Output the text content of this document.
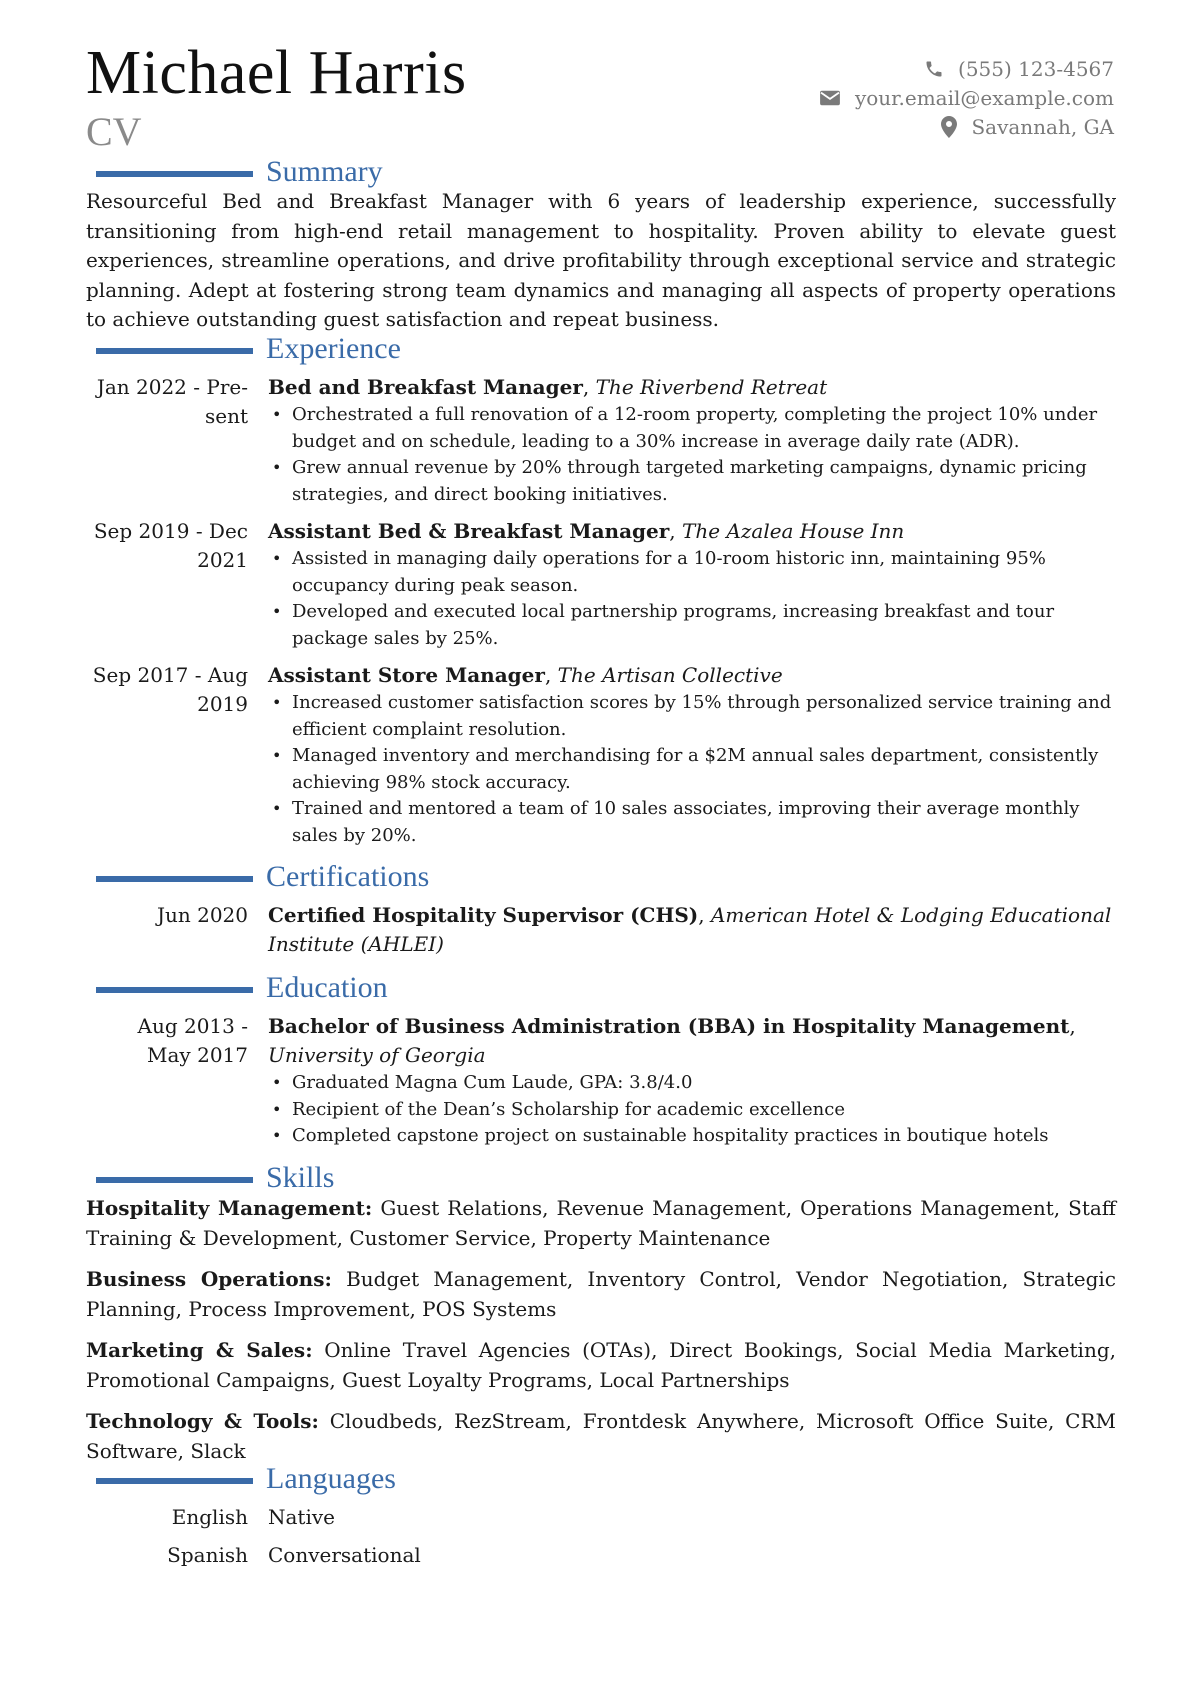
Michael Harris
CV
(555) 123-4567
your.email@example.com
Savannah, GA
Summary
Resourceful Bed and Breakfast Manager with 6 years of leadership experience, successfully transitioning from high-end retail management to hospitality. Proven ability to elevate guest experiences, streamline operations, and drive profitability through exceptional service and strategic planning. Adept at fostering strong team dynamics and managing all aspects of property operations to achieve outstanding guest satisfaction and repeat business.
Experience
Jan 2022 - Pre-
sent
Bed and Breakfast Manager, The Riverbend Retreat
• Orchestrated a full renovation of a 12-room property, completing the project 10% under budget and on schedule, leading to a 30% increase in average daily rate (ADR).
• Grew annual revenue by 20% through targeted marketing campaigns, dynamic pricing strategies, and direct booking initiatives.
Sep 2019 - Dec
2021
Assistant Bed & Breakfast Manager, The Azalea House Inn
• Assisted in managing daily operations for a 10-room historic inn, maintaining 95% occupancy during peak season.
• Developed and executed local partnership programs, increasing breakfast and tour package sales by 25%.
Sep 2017 - Aug
2019
Assistant Store Manager, The Artisan Collective
• Increased customer satisfaction scores by 15% through personalized service training and efficient complaint resolution.
• Managed inventory and merchandising for a $2M annual sales department, consistently achieving 98% stock accuracy.
• Trained and mentored a team of 10 sales associates, improving their average monthly sales by 20%.
Certifications
Jun 2020 Certified Hospitality Supervisor (CHS), American Hotel & Lodging Educational Institute (AHLEI)
Education
Aug 2013 -
May 2017
Bachelor of Business Administration (BBA) in Hospitality Management,
University of Georgia
• Graduated Magna Cum Laude, GPA: 3.8/4.0
• Recipient of the Dean’s Scholarship for academic excellence
• Completed capstone project on sustainable hospitality practices in boutique hotels
Skills
Hospitality Management: Guest Relations, Revenue Management, Operations Management, Staff Training & Development, Customer Service, Property Maintenance
Business Operations: Budget Management, Inventory Control, Vendor Negotiation, Strategic Planning, Process Improvement, POS Systems
Marketing & Sales: Online Travel Agencies (OTAs), Direct Bookings, Social Media Marketing, Promotional Campaigns, Guest Loyalty Programs, Local Partnerships
Technology & Tools: Cloudbeds, RezStream, Frontdesk Anywhere, Microsoft Office Suite, CRM Software, Slack
Languages
English Native
Spanish Conversational
